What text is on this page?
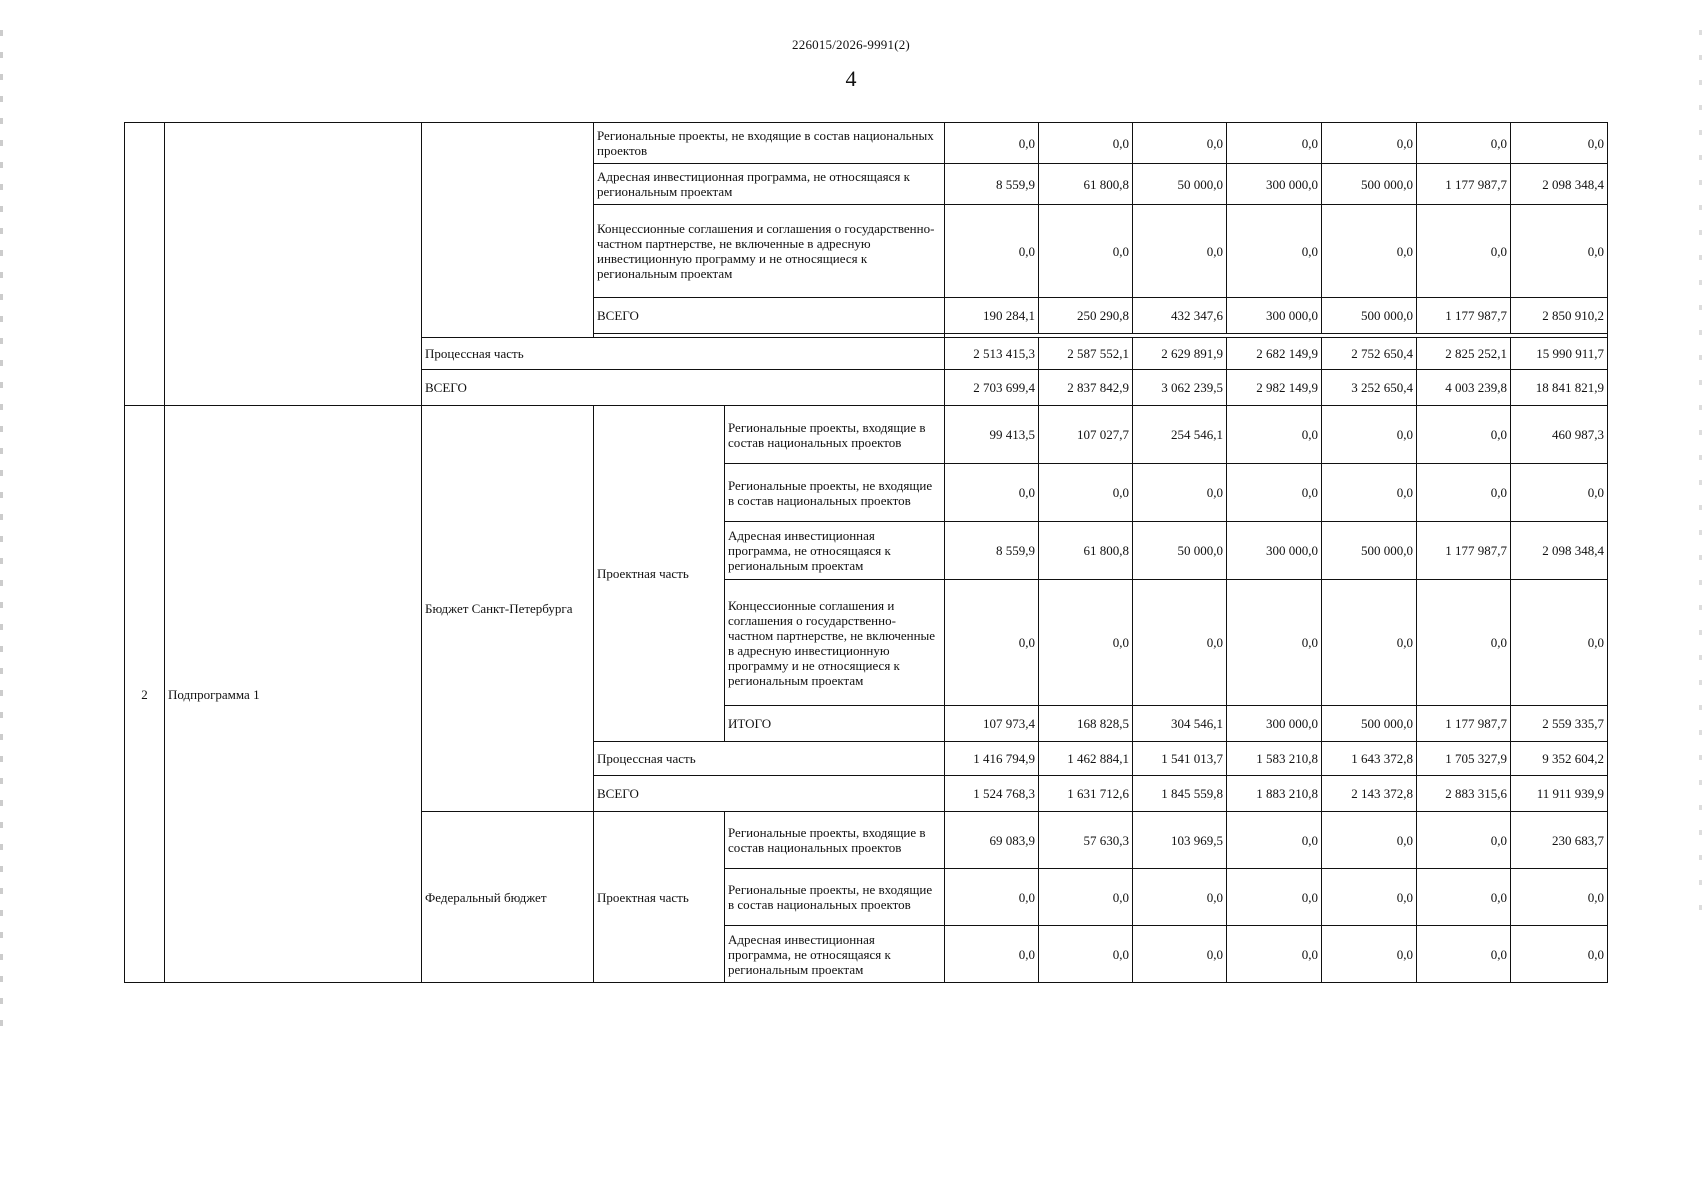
226015/2026-9991(2)
4
			Региональные проекты, не входящие в состав национальных проектов		0,0	0,0	0,0	0,0	0,0	0,0	0,0
			Адресная инвестиционная программа, не относящаяся к региональным проектам		8 559,9	61 800,8	50 000,0	300 000,0	500 000,0	1 177 987,7	2 098 348,4
			Концессионные соглашения и соглашения о государственно-частном партнерстве, не включенные в адресную инвестиционную программу и не относящиеся к региональным проектам		0,0	0,0	0,0	0,0	0,0	0,0	0,0
			ВСЕГО		190 284,1	250 290,8	432 347,6	300 000,0	500 000,0	1 177 987,7	2 850 910,2

		Процессная часть			2 513 415,3	2 587 552,1	2 629 891,9	2 682 149,9	2 752 650,4	2 825 252,1	15 990 911,7
		ВСЕГО			2 703 699,4	2 837 842,9	3 062 239,5	2 982 149,9	3 252 650,4	4 003 239,8	18 841 821,9
2	Подпрограмма 1	Бюджет Санкт-Петербурга	Проектная часть	Региональные проекты, входящие в состав национальных проектов	99 413,5	107 027,7	254 546,1	0,0	0,0	0,0	460 987,3
				Региональные проекты, не входящие в состав национальных проектов	0,0	0,0	0,0	0,0	0,0	0,0	0,0
				Адресная инвестиционная программа, не относящаяся к региональным проектам	8 559,9	61 800,8	50 000,0	300 000,0	500 000,0	1 177 987,7	2 098 348,4
				Концессионные соглашения и соглашения о государственно-частном партнерстве, не включенные в адресную инвестиционную программу и не относящиеся к региональным проектам	0,0	0,0	0,0	0,0	0,0	0,0	0,0
				ИТОГО	107 973,4	168 828,5	304 546,1	300 000,0	500 000,0	1 177 987,7	2 559 335,7
			Процессная часть		1 416 794,9	1 462 884,1	1 541 013,7	1 583 210,8	1 643 372,8	1 705 327,9	9 352 604,2
			ВСЕГО		1 524 768,3	1 631 712,6	1 845 559,8	1 883 210,8	2 143 372,8	2 883 315,6	11 911 939,9
		Федеральный бюджет	Проектная часть	Региональные проекты, входящие в состав национальных проектов	69 083,9	57 630,3	103 969,5	0,0	0,0	0,0	230 683,7
				Региональные проекты, не входящие в состав национальных проектов	0,0	0,0	0,0	0,0	0,0	0,0	0,0
				Адресная инвестиционная программа, не относящаяся к региональным проектам	0,0	0,0	0,0	0,0	0,0	0,0	0,0
